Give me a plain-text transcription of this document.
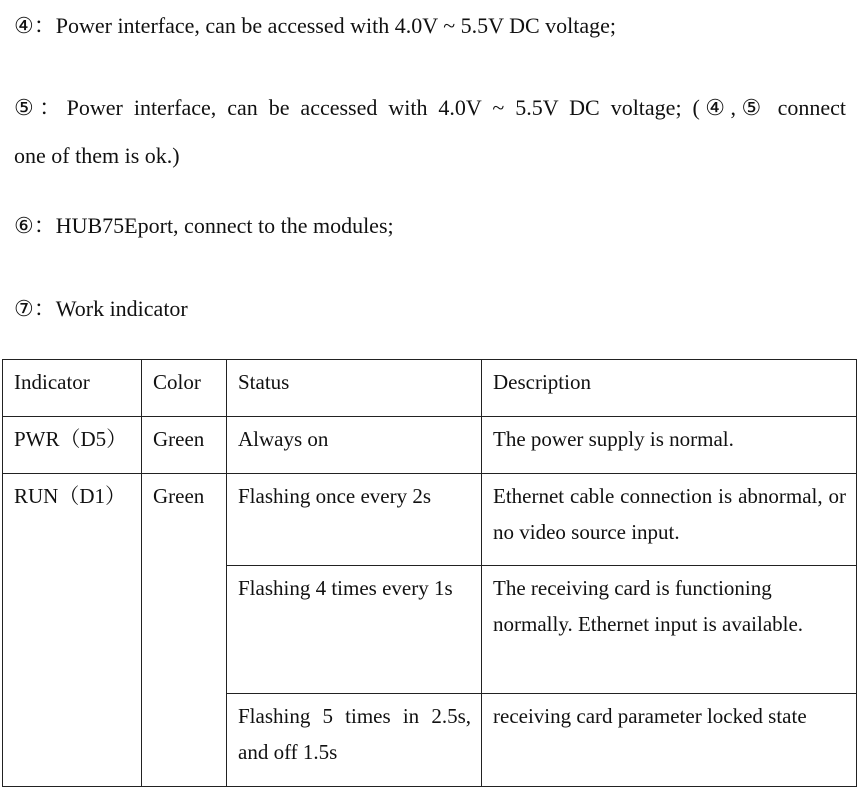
④：Power interface, can be accessed with 4.0V ~ 5.5V DC voltage;
⑤：Power interface, can be accessed with 4.0V ~ 5.5V DC voltage; (④,⑤ connect
one of them is ok.)
⑥：HUB75Eport, connect to the modules;
⑦：Work indicator
Indicator	Color	Status	Description
PWR（D5）	Green	Always on	The power supply is normal.
RUN（D1）	Green	Flashing once every 2s	Ethernet cable connection is abnormal, or no video source input.
		Flashing 4 times every 1s	The receiving card is functioning normally. Ethernet input is available.
		Flashing 5 times in 2.5s, and off 1.5s	receiving card parameter locked state
